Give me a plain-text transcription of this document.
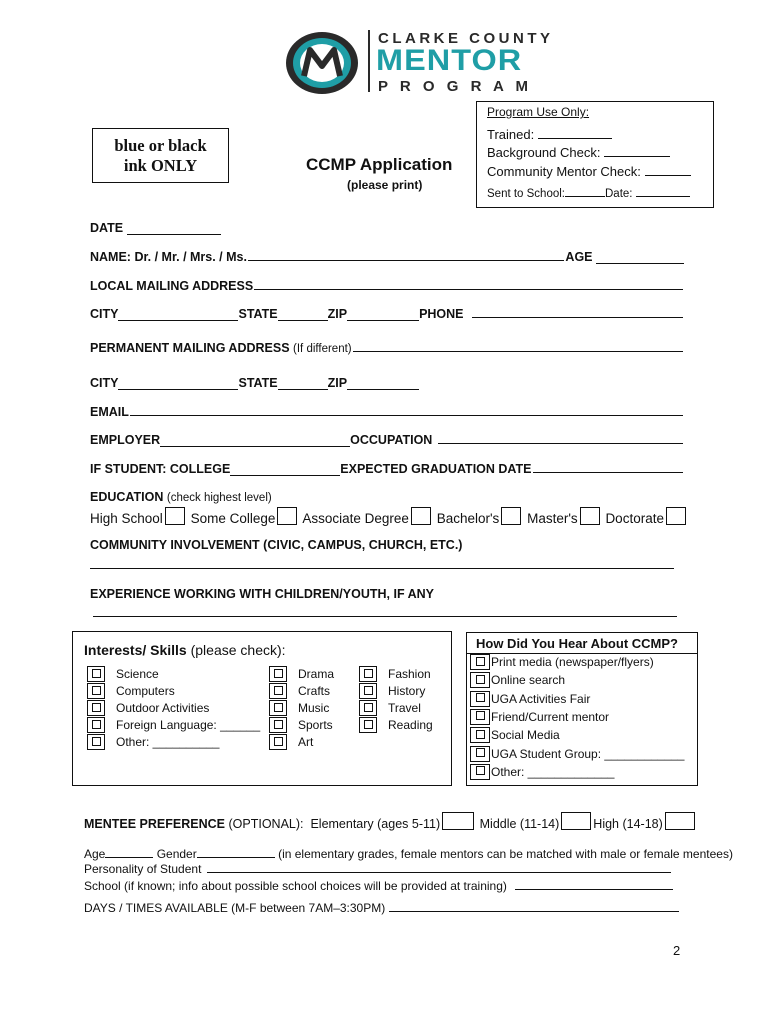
CLARKE COUNTY
MENTOR
P R O G R A M
blue or black
ink ONLY	CCMP Application
(please print)
Program Use Only:
Trained:
Background Check:
Community Mentor Check:
Sent to School:	Date:
DATE

NAME: Dr. / Mr. / Mrs. / Ms.	AGE

LOCAL MAILING ADDRESS
CITY	STATE	ZIP	PHONE
PERMANENT MAILING ADDRESS
(If different)
CITY	STATE	ZIP
EMAIL
EMPLOYER	OCCUPATION
IF STUDENT: COLLEGE	EXPECTED GRADUATION DATE
EDUCATION (check highest level)
High School Some College Associate Degree Bachelor's Master's Doctorate
COMMUNITY INVOLVEMENT (CIVIC, CAMPUS, CHURCH, ETC.)
EXPERIENCE WORKING WITH CHILDREN/YOUTH, IF ANY
Interests/ Skills (please check):
Science
Computers
Outdoor Activities
Foreign Language: ______
Other: __________
Drama
Crafts
Music
Sports
Art
Fashion
History
Travel
Reading
How Did You Hear About CCMP?
Print media (newspaper/flyers)
Online search
UGA Activities Fair
Friend/Current mentor
Social Media
UGA Student Group: ____________
Other: _____________
MENTEE PREFERENCE (OPTIONAL): Elementary (ages 5-11)	Middle (11-14)	High (14-18)
Age	Gender	(in elementary grades, female mentors can be matched with male or female mentees)
Personality of Student
School (if known; info about possible school choices will be provided at training)
DAYS / TIMES AVAILABLE (M-F between 7AM–3:30PM)
2
